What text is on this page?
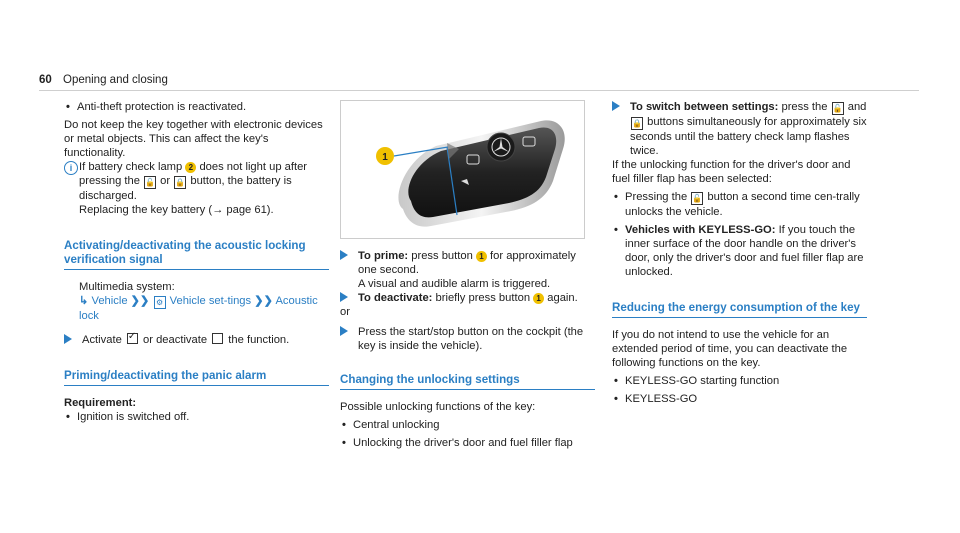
60 Opening and closing

• Anti-theft protection is reactivated.

Do not keep the key together with electronic devices or metal objects. This can affect the key's functionality.

i If battery check lamp 2 does not light up after pressing the 🔓 or 🔒 button, the battery is discharged.

Replacing the key battery (→ page 61).

Activating/deactivating the acoustic locking verification signal

Multimedia system:

↳ Vehicle ❯❯ ⚙ Vehicle set-tings ❯❯ Acoustic lock

Activate ✓ or deactivate the function.

Priming/deactivating the panic alarm

Requirement:

• Ignition is switched off.

1

To prime: press button 1 for approximately one second.
A visual and audible alarm is triggered.

To deactivate: briefly press button 1 again.

or

Press the start/stop button on the cockpit (the key is inside the vehicle).

Changing the unlocking settings

Possible unlocking functions of the key:

• Central unlocking

• Unlocking the driver's door and fuel filler flap

To switch between settings: press the 🔓 and 🔒 buttons simultaneously for approximately six seconds until the battery check lamp flashes twice.

If the unlocking function for the driver's door and fuel filler flap has been selected:

• Pressing the 🔓 button a second time cen-trally unlocks the vehicle.

• Vehicles with KEYLESS-GO: If you touch the inner surface of the door handle on the driver's door, only the driver's door and fuel filler flap are unlocked.

Reducing the energy consumption of the key

If you do not intend to use the vehicle for an extended period of time, you can deactivate the following functions on the key.

• KEYLESS-GO starting function

• KEYLESS-GO
